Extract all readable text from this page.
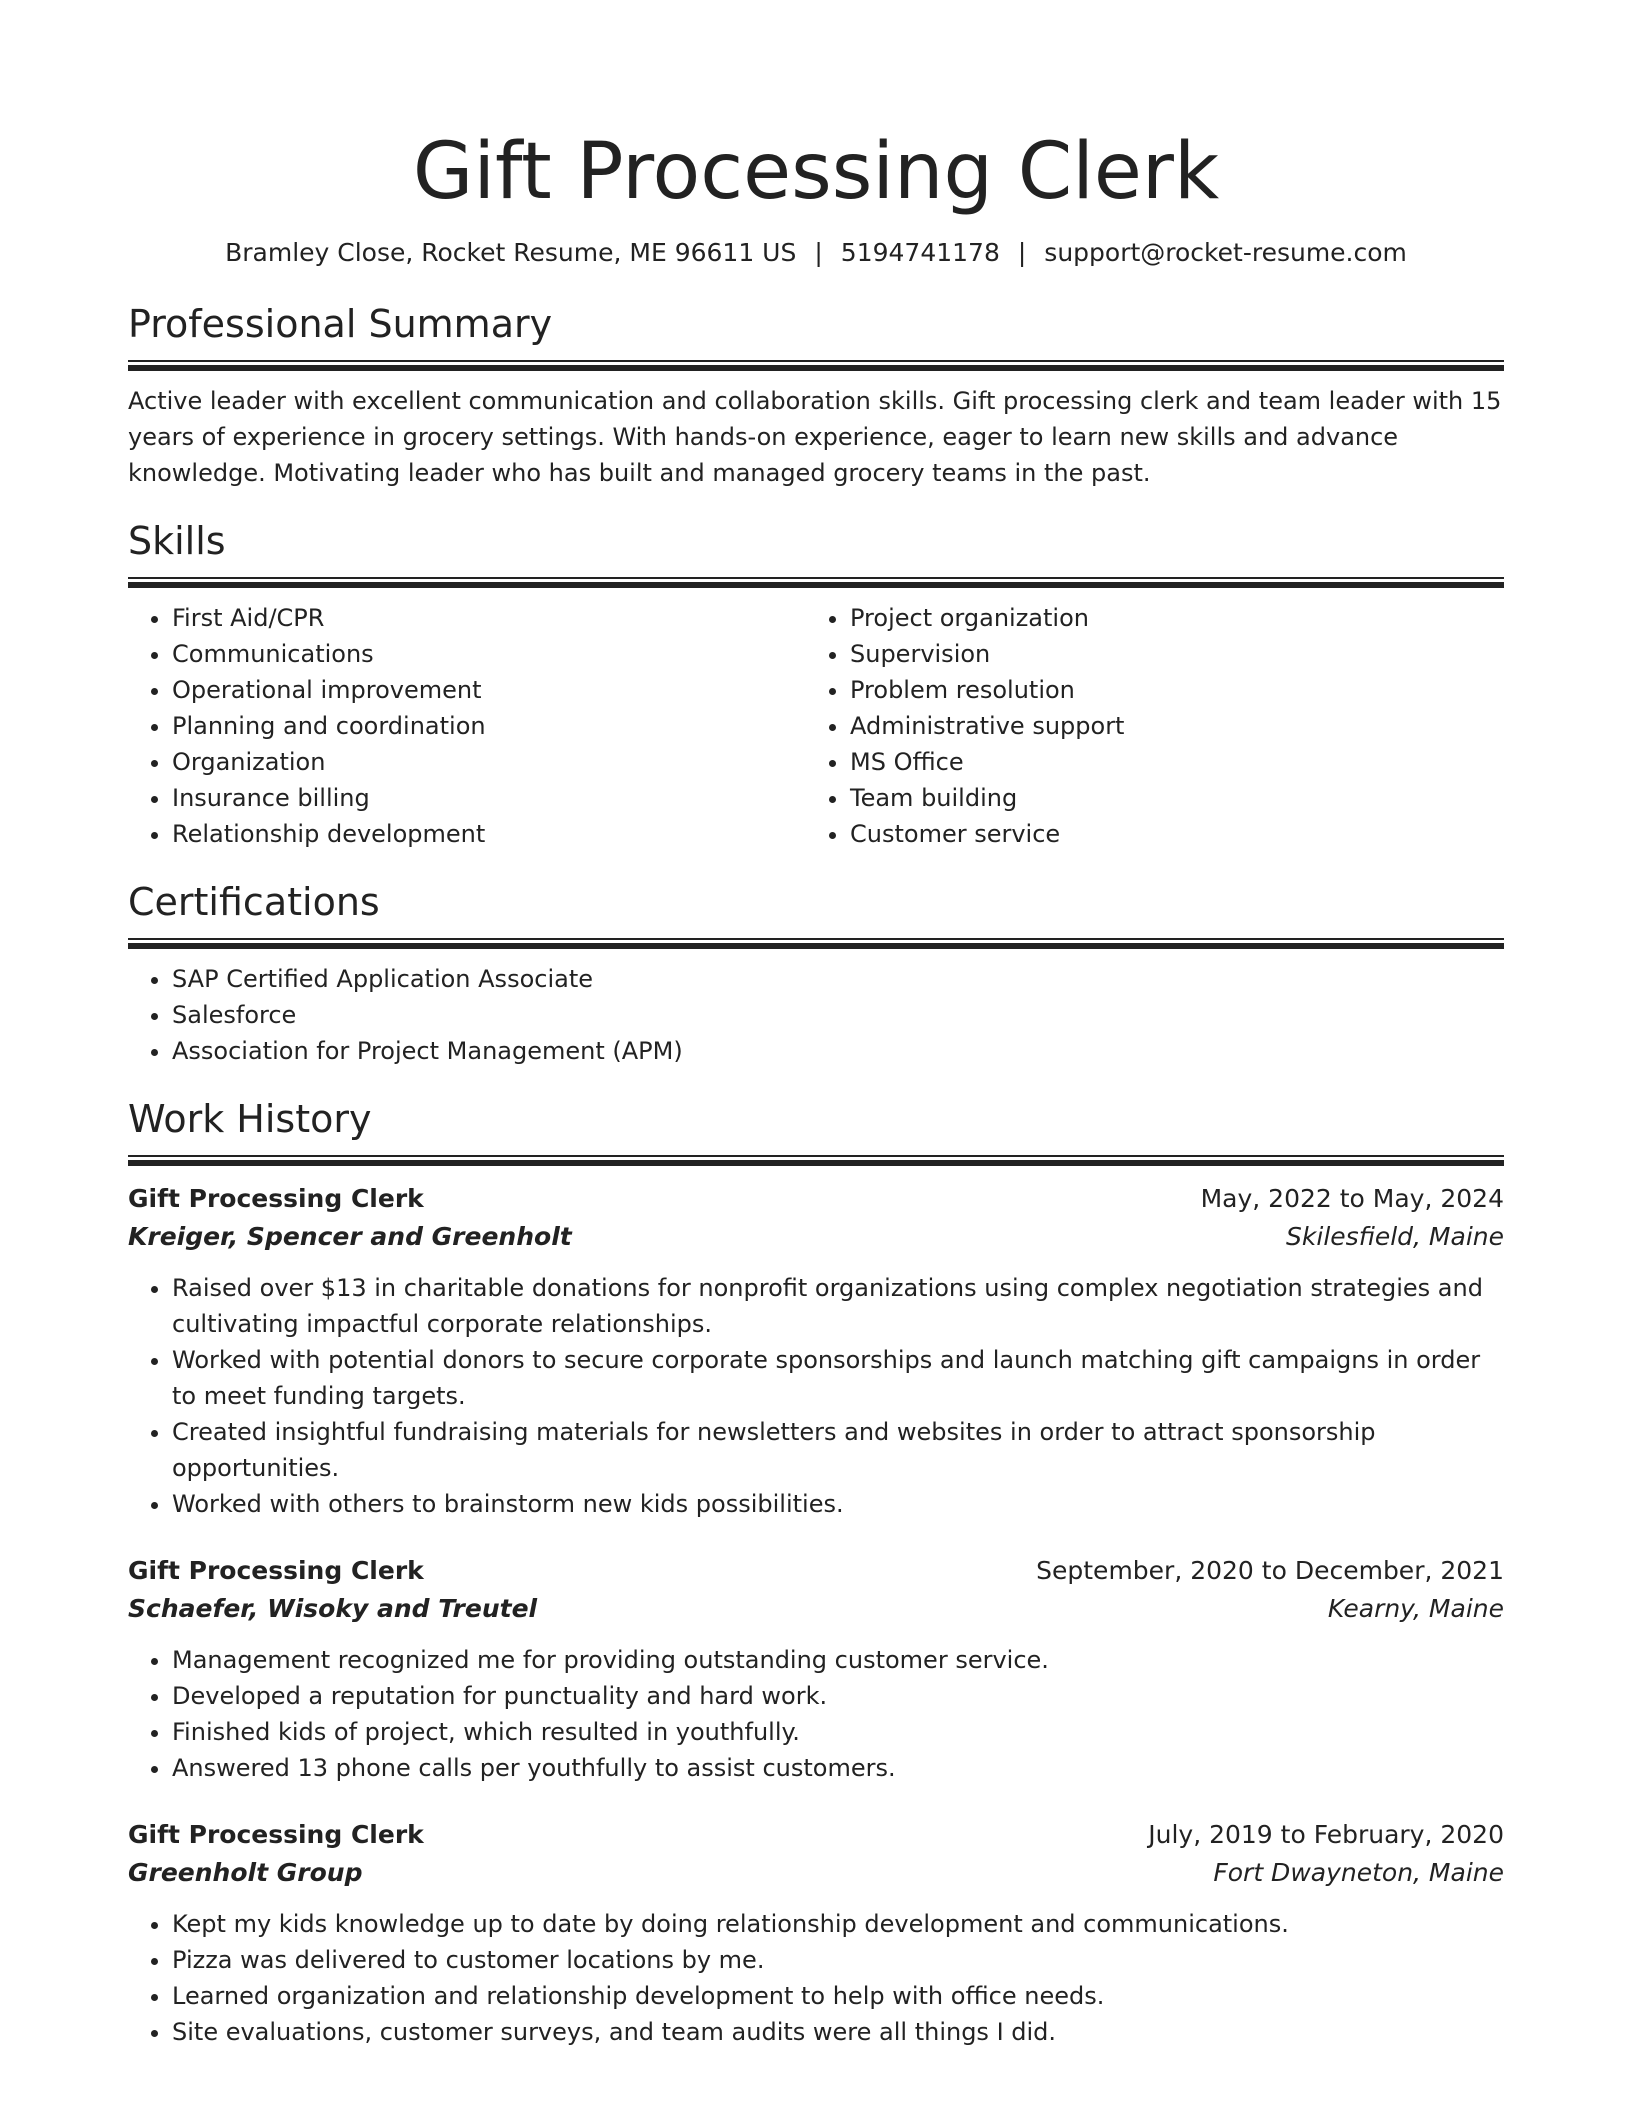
Gift Processing Clerk
Bramley Close, Rocket Resume, ME 96611 US | 5194741178 | support@rocket-resume.com
Professional Summary
Active leader with excellent communication and collaboration skills. Gift processing clerk and team leader with 15 years of experience in grocery settings. With hands-on experience, eager to learn new skills and advance knowledge. Motivating leader who has built and managed grocery teams in the past.
Skills
• First Aid/CPR
• Communications
• Operational improvement
• Planning and coordination
• Organization
• Insurance billing
• Relationship development
• Project organization
• Supervision
• Problem resolution
• Administrative support
• MS Office
• Team building
• Customer service
Certifications
• SAP Certified Application Associate
• Salesforce
• Association for Project Management (APM)
Work History
Gift Processing Clerk	May, 2022 to May, 2024
Kreiger, Spencer and Greenholt	Skilesfield, Maine
• Raised over $13 in charitable donations for nonprofit organizations using complex negotiation strategies and cultivating impactful corporate relationships.
• Worked with potential donors to secure corporate sponsorships and launch matching gift campaigns in order to meet funding targets.
• Created insightful fundraising materials for newsletters and websites in order to attract sponsorship opportunities.
• Worked with others to brainstorm new kids possibilities.
Gift Processing Clerk	September, 2020 to December, 2021
Schaefer, Wisoky and Treutel	Kearny, Maine
• Management recognized me for providing outstanding customer service.
• Developed a reputation for punctuality and hard work.
• Finished kids of project, which resulted in youthfully.
• Answered 13 phone calls per youthfully to assist customers.
Gift Processing Clerk	July, 2019 to February, 2020
Greenholt Group	Fort Dwayneton, Maine
• Kept my kids knowledge up to date by doing relationship development and communications.
• Pizza was delivered to customer locations by me.
• Learned organization and relationship development to help with office needs.
• Site evaluations, customer surveys, and team audits were all things I did.
